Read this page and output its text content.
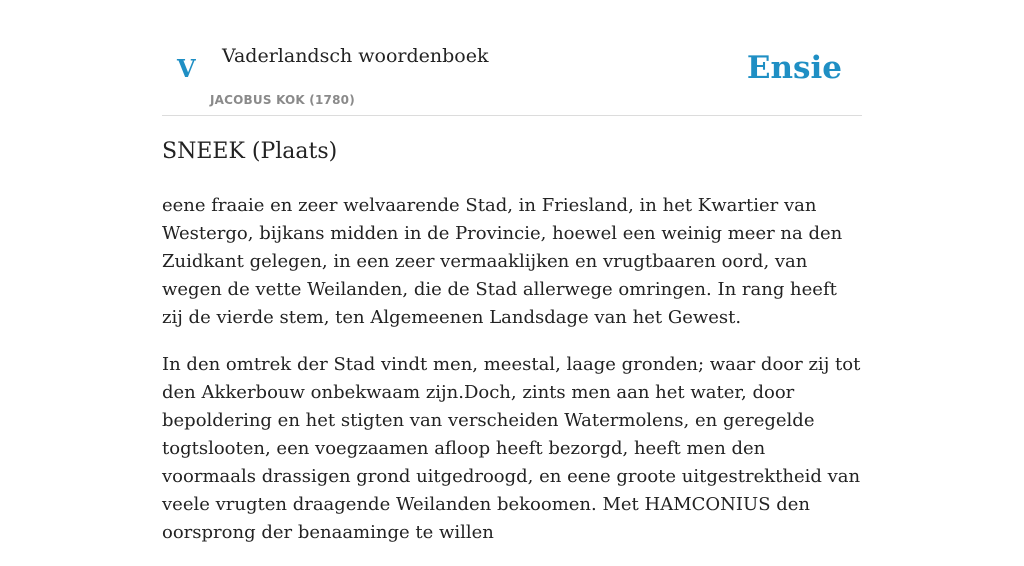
V Vaderlandsch woordenboek
JACOBUS KOK (1780)
Ensie
SNEEK (Plaats)

eene fraaie en zeer welvaarende Stad, in Friesland, in het Kwartier van Westergo, bijkans midden in de Provincie, hoewel een weinig meer na den Zuidkant gelegen, in een zeer vermaaklijken en vrugtbaaren oord, van wegen de vette Weilanden, die de Stad allerwege omringen. In rang heeft zij de vierde stem, ten Algemeenen Landsdage van het Gewest.

In den omtrek der Stad vindt men, meestal, laage gronden; waar door zij tot den Akkerbouw onbekwaam zijn.Doch, zints men aan het water, door bepoldering en het stigten van verscheiden Watermolens, en geregelde togtslooten, een voegzaamen afloop heeft bezorgd, heeft men den voormaals drassigen grond uitgedroogd, en eene groote uitgestrektheid van veele vrugten draagende Weilanden bekoomen. Met HAMCONIUS den oorsprong der benaaminge te willen
